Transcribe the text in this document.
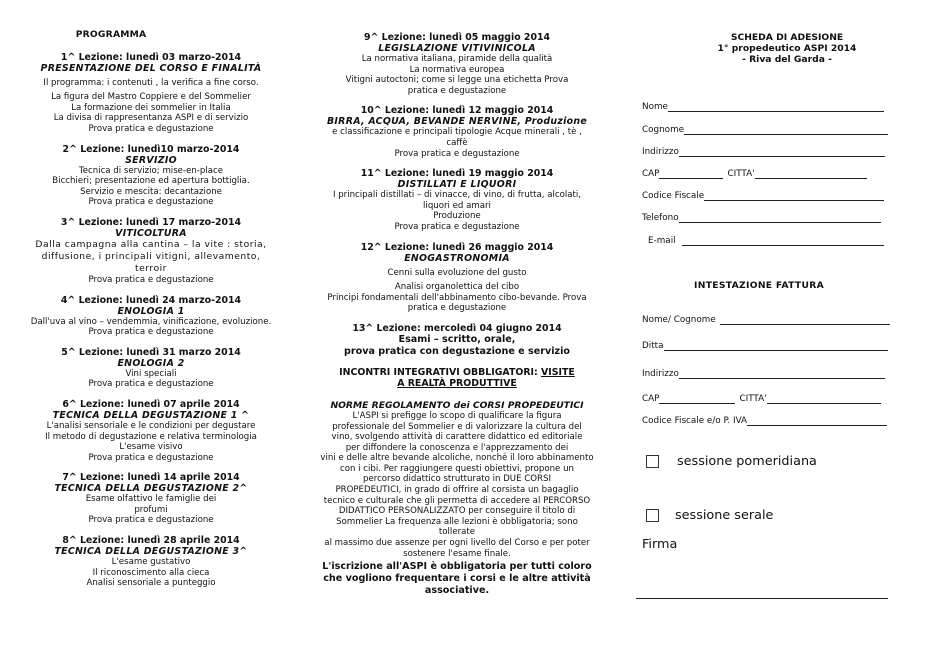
PROGRAMMA
1^ Lezione: lunedì 03 marzo-2014
PRESENTAZIONE DEL CORSO E FINALITÀ
Il programma: i contenuti , la verifica a fine corso.
La figura del Mastro Coppiere e del Sommelier
La formazione dei sommelier in Italia
La divisa di rappresentanza ASPI e di servizio
Prova pratica e degustazione
2^ Lezione: lunedì10 marzo-2014
SERVIZIO
Tecnica di servizio; mise-en-place
Bicchieri; presentazione ed apertura bottiglia.
Servizio e mescita: decantazione
Prova pratica e degustazione
3^ Lezione: lunedì 17 marzo-2014
VITICOLTURA
Dalla campagna alla cantina – la vite : storia,
diffusione, i principali vitigni, allevamento, terroir
Prova pratica e degustazione
4^ Lezione: lunedì 24 marzo-2014
ENOLOGIA 1
Dall'uva al vino – vendemmia, vinificazione, evoluzione.
Prova pratica e degustazione
5^ Lezione: lunedì 31 marzo 2014
ENOLOGIA 2
Vini speciali
Prova pratica e degustazione
6^ Lezione: lunedì 07 aprile 2014
TECNICA DELLA DEGUSTAZIONE 1 ^
L'analisi sensoriale e le condizioni per degustare
Il metodo di degustazione e relativa terminologia
L'esame visivo
Prova pratica e degustazione
7^ Lezione: lunedì 14 aprile 2014
TECNICA DELLA DEGUSTAZIONE 2^
Esame olfattivo le famiglie dei
profumi
Prova pratica e degustazione
8^ Lezione: lunedì 28 aprile 2014
TECNICA DELLA DEGUSTAZIONE 3^
L'esame gustativo
Il riconoscimento alla cieca
Analisi sensoriale a punteggio
9^ Lezione: lunedì 05 maggio 2014
LEGISLAZIONE VITIVINICOLA
La normativa italiana, piramide della qualità
La normativa europea
Vitigni autoctoni; come si legge una etichetta Prova
pratica e degustazione
10^ Lezione: lunedì 12 maggio 2014
BIRRA, ACQUA, BEVANDE NERVINE, Produzione
e classificazione e principali tipologie Acque minerali , tè ,
caffè
Prova pratica e degustazione
11^ Lezione: lunedì 19 maggio 2014
DISTILLATI E LIQUORI
I principali distillati – di vinacce, di vino, di frutta, alcolati,
liquori ed amari
Produzione
Prova pratica e degustazione
12^ Lezione: lunedì 26 maggio 2014
ENOGASTRONOMIA
Cenni sulla evoluzione del gusto
Analisi organolettica del cibo
Principi fondamentali dell'abbinamento cibo-bevande. Prova
pratica e degustazione
13^ Lezione: mercoledì 04 giugno 2014
Esami – scritto, orale,
prova pratica con degustazione e servizio
INCONTRI INTEGRATIVI OBBLIGATORI: VISITE
A REALTÀ PRODUTTIVE
NORME REGOLAMENTO dei CORSI PROPEDEUTICI
L'ASPI si prefigge lo scopo di qualificare la figura
professionale del Sommelier e di valorizzare la cultura del
vino, svolgendo attività di carattere didattico ed editoriale
per diffondere la conoscenza e l'apprezzamento dei
vini e delle altre bevande alcoliche, nonché il loro abbinamento
con i cibi. Per raggiungere questi obiettivi, propone un
percorso didattico strutturato in DUE CORSI
PROPEDEUTICI, in grado di offrire al corsista un bagaglio
tecnico e culturale che gli permetta di accedere al PERCORSO
DIDATTICO PERSONALIZZATO per conseguire il titolo di
Sommelier La frequenza alle lezioni è obbligatoria; sono tollerate
al massimo due assenze per ogni livello del Corso e per poter
sostenere l'esame finale.
L'iscrizione all'ASPI è obbligatoria per tutti coloro
che vogliono frequentare i corsi e le altre attività
associative.
SCHEDA DI ADESIONE
1° propedeutico ASPI 2014
- Riva del Garda -
Nome
Cognome
Indirizzo
CAP	CITTA'
Codice Fiscale
Telefono
E-mail
INTESTAZIONE FATTURA
Nome/ Cognome
Ditta
Indirizzo
CAP	CITTA'
Codice Fiscale e/o P. IVA
sessione pomeridiana
sessione serale
Firma
